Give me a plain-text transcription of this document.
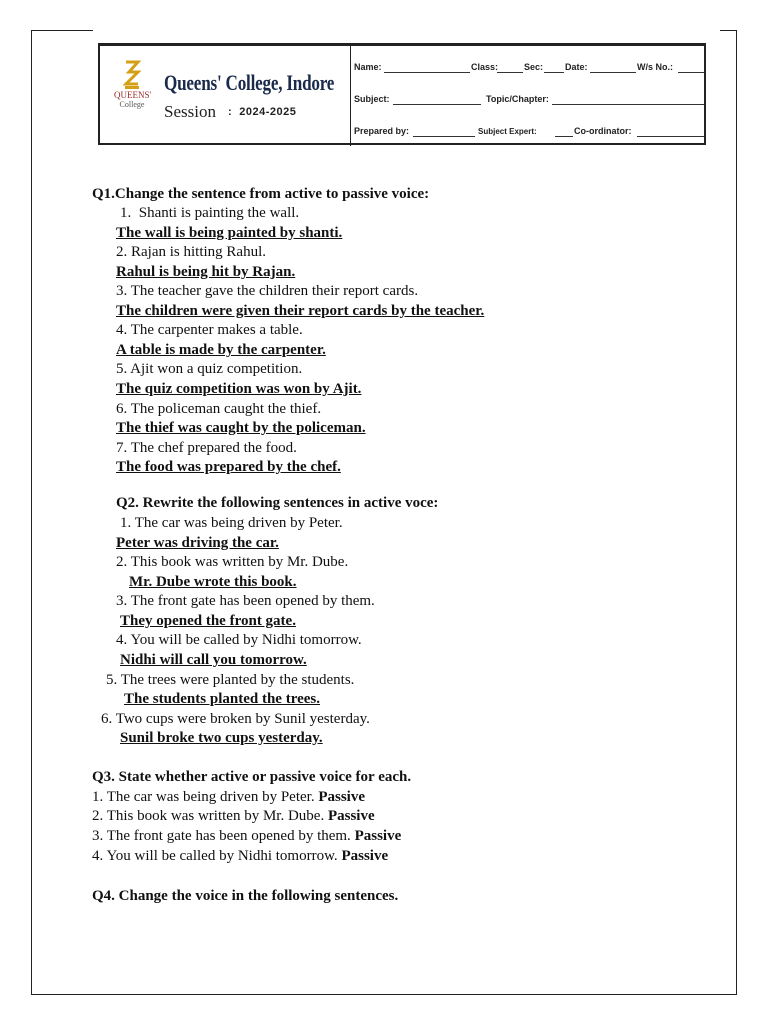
QUEENS'
College
Queens' College, Indore
Session : 2024-2025
Name:	Class:	Sec: Date:	W/s No.:
Subject:	Topic/Chapter:
Prepared by:	Subject Expert:	Co-ordinator:
Q1.Change the sentence from active to passive voice:
1.  Shanti is painting the wall.
The wall is being painted by shanti.
2. Rajan is hitting Rahul.
Rahul is being hit by Rajan.
3. The teacher gave the children their report cards.
The children were given their report cards by the teacher.
4. The carpenter makes a table.
A table is made by the carpenter.
5. Ajit won a quiz competition.
The quiz competition was won by Ajit.
6. The policeman caught the thief.
The thief was caught by the policeman.
7. The chef prepared the food.
The food was prepared by the chef.
Q2. Rewrite the following sentences in active voce:
1. The car was being driven by Peter.
Peter was driving the car.
2. This book was written by Mr. Dube.
Mr. Dube wrote this book.
3. The front gate has been opened by them.
They opened the front gate.
4. You will be called by Nidhi tomorrow.
Nidhi will call you tomorrow.
5. The trees were planted by the students.
The students planted the trees.
6. Two cups were broken by Sunil yesterday.
Sunil broke two cups yesterday.
Q3. State whether active or passive voice for each.
1. The car was being driven by Peter. Passive
2. This book was written by Mr. Dube. Passive
3. The front gate has been opened by them. Passive
4. You will be called by Nidhi tomorrow. Passive
Q4. Change the voice in the following sentences.
